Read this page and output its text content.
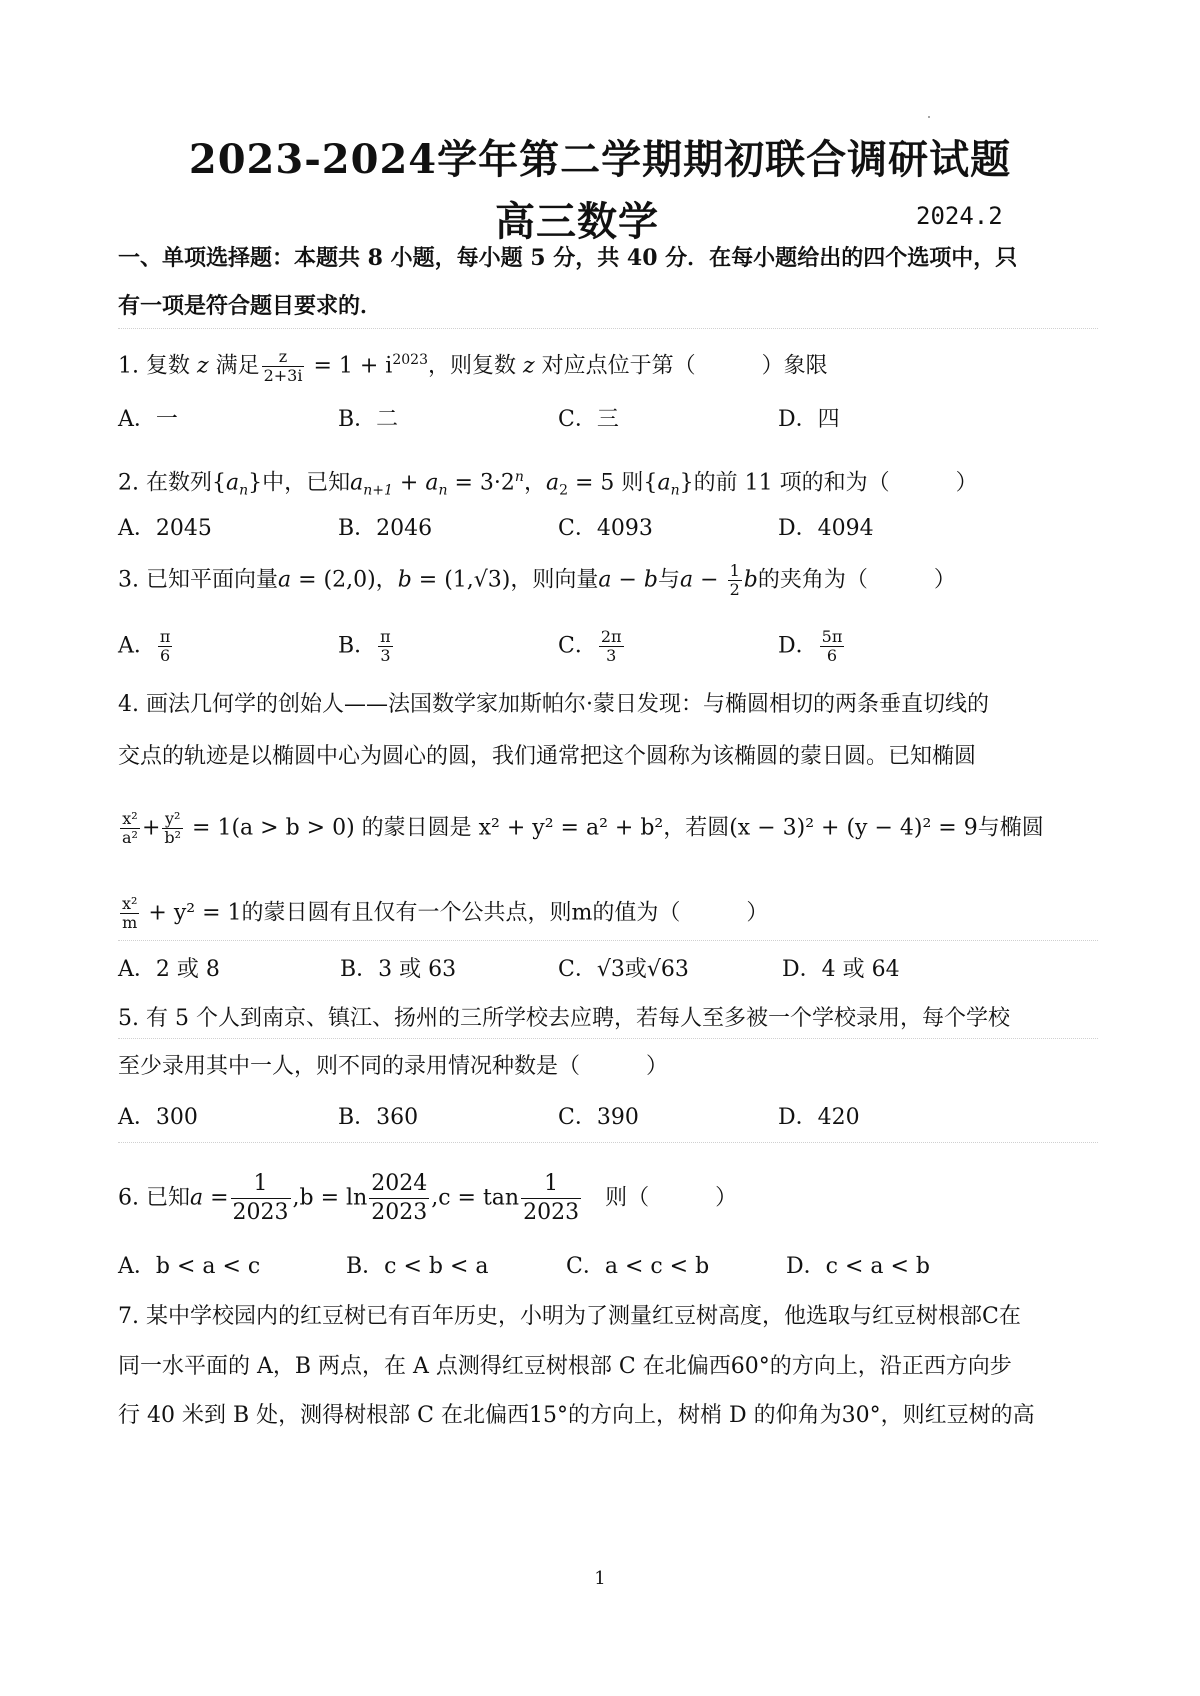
2023-2024学年第二学期期初联合调研试题
高三数学	2024.2
一、单项选择题：本题共 8 小题，每小题 5 分，共 40 分．在每小题给出的四个选项中，只
有一项是符合题目要求的．
1. 复数 z 满足 $\frac{z}{2+3i} = 1 + i^{2023}$，则复数 z 对应点位于第（　　　）象限
A．一	B．二	C．三	D．四
2. 在数列$\{a_n\}$中，已知$a_{n+1} + a_n = 3\cdot 2^n$，$a_2 = 5$ 则$\{a_n\}$的前 11 项的和为（　　　）
A．2045	B．2046	C．4093	D．4094
3. 已知平面向量a = (2,0)，b = (1,√3)，则向量a − b与$a - \frac{1}{2}$ b的夹角为（　　　）
A． $\frac{\pi}{6}$	B． $\frac{\pi}{3}$	C． $\frac{2\pi}{3}$	D． $\frac{5\pi}{6}$
4. 画法几何学的创始人——法国数学家加斯帕尔·蒙日发现：与椭圆相切的两条垂直切线的
交点的轨迹是以椭圆中心为圆心的圆，我们通常把这个圆称为该椭圆的蒙日圆。已知椭圆
$\frac{\text{x²}}{\text{a²}} + \frac{\text{y²}}{\text{b²}} = 1(a > b > 0)$ 的蒙日圆是 x² + y² = a² + b²，若圆(x − 3)² + (y − 4)² = 9与椭圆
$\frac{\text{x²}}{m} + y^2 = 1$的蒙日圆有且仅有一个公共点，则m的值为（　　　）
A．2 或 8	B．3 或 63	C．√3或√63	D．4 或 64
5. 有 5 个人到南京、镇江、扬州的三所学校去应聘，若每人至多被一个学校录用，每个学校
至少录用其中一人，则不同的录用情况种数是（　　　）
A．300	B．360	C．390	D．420
6. 已知$a = \frac{1}{2023} ,b = \ln \frac{2024}{2023} ,c = \tan \frac{1}{2023}$ 　则（　　　）
A．b < a < c	B．c < b < a	C．a < c < b	D．c < a < b
7. 某中学校园内的红豆树已有百年历史，小明为了测量红豆树高度，他选取与红豆树根部C在
同一水平面的 A，B 两点，在 A 点测得红豆树根部 C 在北偏西60°的方向上，沿正西方向步
行 40 米到 B 处，测得树根部 C 在北偏西15°的方向上，树梢 D 的仰角为30°，则红豆树的高
1
